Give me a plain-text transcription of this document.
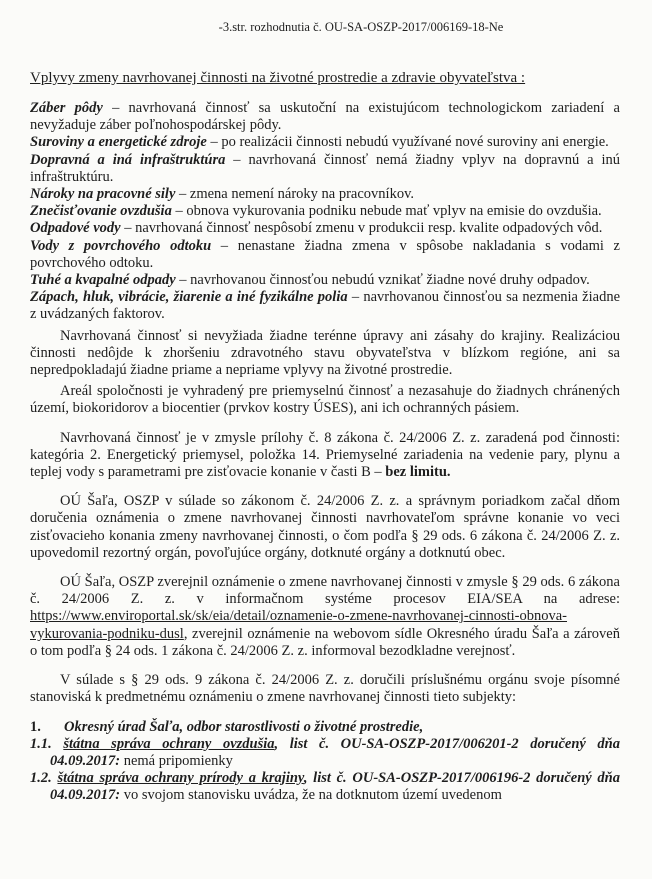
-3.str. rozhodnutia č. OU-SA-OSZP-2017/006169-18-Ne
Vplyvy zmeny navrhovanej činnosti na životné prostredie a zdravie obyvateľstva :

Záber pôdy – navrhovaná činnosť sa uskutoční na existujúcom technologickom zariadení a nevyžaduje záber poľnohospodárskej pôdy.

Suroviny a energetické zdroje – po realizácii činnosti nebudú využívané nové suroviny ani energie.

Dopravná a iná infraštruktúra – navrhovaná činnosť nemá žiadny vplyv na dopravnú a inú infraštruktúru.

Nároky na pracovné sily – zmena nemení nároky na pracovníkov.

Znečisťovanie ovzdušia – obnova vykurovania podniku nebude mať vplyv na emisie do ovzdušia.

Odpadové vody – navrhovaná činnosť nespôsobí zmenu v produkcii resp. kvalite odpadových vôd.

Vody z povrchového odtoku – nenastane žiadna zmena v spôsobe nakladania s vodami z povrchového odtoku.

Tuhé a kvapalné odpady – navrhovanou činnosťou nebudú vznikať žiadne nové druhy odpadov.

Zápach, hluk, vibrácie, žiarenie a iné fyzikálne polia – navrhovanou činnosťou sa nezmenia žiadne z uvádzaných faktorov.

Navrhovaná činnosť si nevyžiada žiadne terénne úpravy ani zásahy do krajiny. Realizáciou činnosti nedôjde k zhoršeniu zdravotného stavu obyvateľstva v blízkom regióne, ani sa nepredpokladajú žiadne priame a nepriame vplyvy na životné prostredie.

Areál spoločnosti je vyhradený pre priemyselnú činnosť a nezasahuje do žiadnych chránených území, biokoridorov a biocentier (prvkov kostry ÚSES), ani ich ochranných pásiem.

Navrhovaná činnosť je v zmysle prílohy č. 8 zákona č. 24/2006 Z. z. zaradená pod činnosti: kategória 2. Energetický priemysel, položka 14. Priemyselné zariadenia na vedenie pary, plynu a teplej vody s parametrami pre zisťovacie konanie v časti B – bez limitu.

OÚ Šaľa, OSZP v súlade so zákonom č. 24/2006 Z. z. a správnym poriadkom začal dňom doručenia oznámenia o zmene navrhovanej činnosti navrhovateľom správne konanie vo veci zisťovacieho konania zmeny navrhovanej činnosti, o čom podľa § 29 ods. 6 zákona č. 24/2006 Z. z. upovedomil rezortný orgán, povoľujúce orgány, dotknuté orgány a dotknutú obec.

OÚ Šaľa, OSZP zverejnil oznámenie o zmene navrhovanej činnosti v zmysle § 29 ods. 6 zákona č. 24/2006 Z. z. v informačnom systéme procesov EIA/SEA na adrese: https://www.enviroportal.sk/sk/eia/detail/oznamenie-o-zmene-navrhovanej-cinnosti-obnova-vykurovania-podniku-dusl, zverejnil oznámenie na webovom sídle Okresného úradu Šaľa a zároveň o tom podľa § 24 ods. 1 zákona č. 24/2006 Z. z. informoval bezodkladne verejnosť.

V súlade s § 29 ods. 9 zákona č. 24/2006 Z. z. doručili príslušnému orgánu svoje písomné stanoviská k predmetnému oznámeniu o zmene navrhovanej činnosti tieto subjekty:

1. Okresný úrad Šaľa, odbor starostlivosti o životné prostredie,

1.1. štátna správa ochrany ovzdušia, list č. OU-SA-OSZP-2017/006201-2 doručený dňa 04.09.2017: nemá pripomienky

1.2. štátna správa ochrany prírody a krajiny, list č. OU-SA-OSZP-2017/006196-2 doručený dňa 04.09.2017: vo svojom stanovisku uvádza, že na dotknutom území uvedenom
